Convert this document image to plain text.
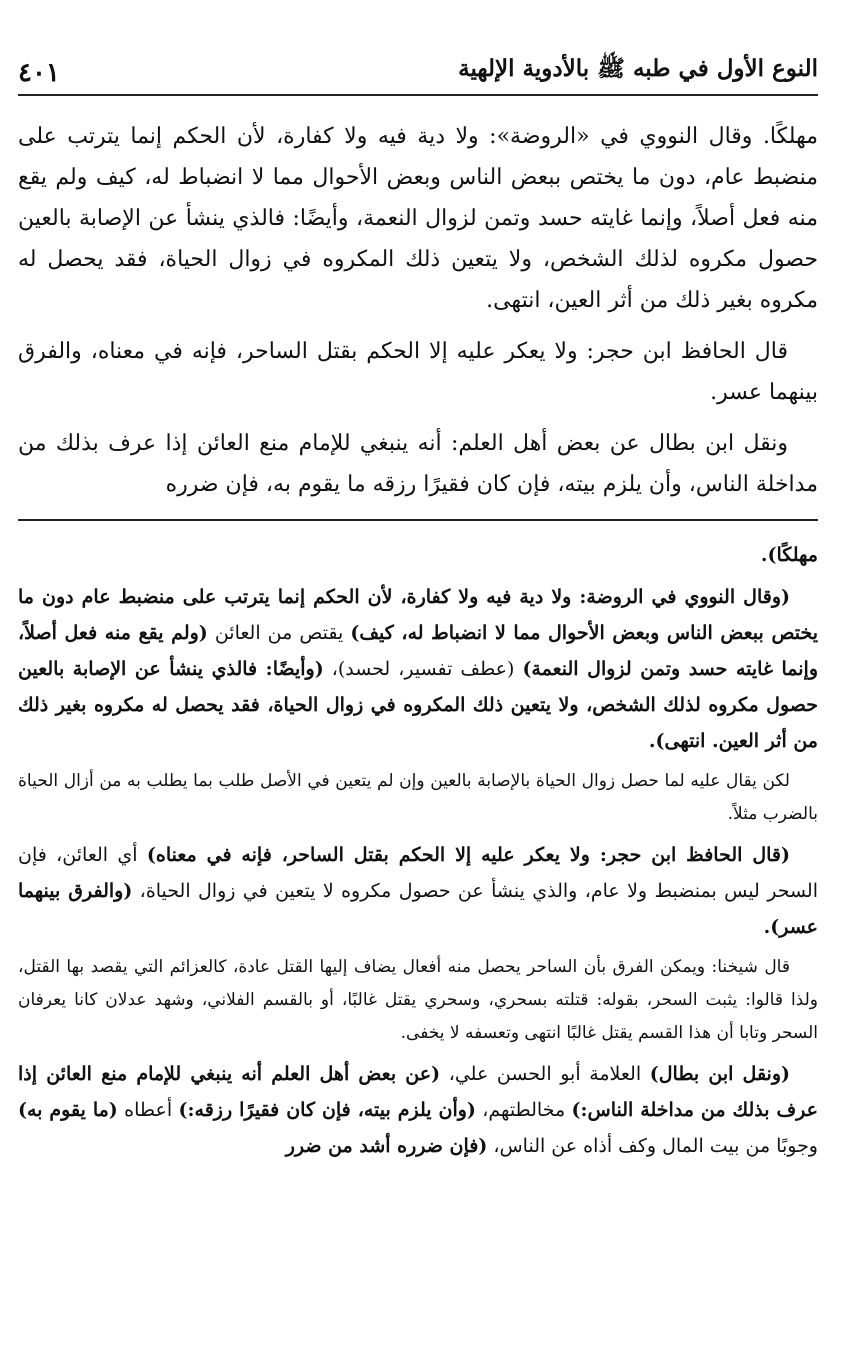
النوع الأول في طبه ﷺ بالأدوية الإلهية
٤٠١

مهلكًا. وقال النووي في «الروضة»: ولا دية فيه ولا كفارة، لأن الحكم إنما يترتب على منضبط عام، دون ما يختص ببعض الناس وبعض الأحوال مما لا انضباط له، كيف ولم يقع منه فعل أصلاً، وإنما غايته حسد وتمن لزوال النعمة، وأيضًا: فالذي ينشأ عن الإصابة بالعين حصول مكروه لذلك الشخص، ولا يتعين ذلك المكروه في زوال الحياة، فقد يحصل له مكروه بغير ذلك من أثر العين، انتهى.

قال الحافظ ابن حجر: ولا يعكر عليه إلا الحكم بقتل الساحر، فإنه في معناه، والفرق بينهما عسر.

ونقل ابن بطال عن بعض أهل العلم: أنه ينبغي للإمام منع العائن إذا عرف بذلك من مداخلة الناس، وأن يلزم بيته، فإن كان فقيرًا رزقه ما يقوم به، فإن ضرره

مهلكًا).

(وقال النووي في الروضة: ولا دية فيه ولا كفارة، لأن الحكم إنما يترتب على منضبط عام دون ما يختص ببعض الناس وبعض الأحوال مما لا انضباط له، كيف) يقتص من العائن (ولم يقع منه فعل أصلاً، وإنما غايته حسد وتمن لزوال النعمة) (عطف تفسير، لحسد)، (وأيضًا: فالذي ينشأ عن الإصابة بالعين حصول مكروه لذلك الشخص، ولا يتعين ذلك المكروه في زوال الحياة، فقد يحصل له مكروه بغير ذلك من أثر العين. انتهى).

لكن يقال عليه لما حصل زوال الحياة بالإصابة بالعين وإن لم يتعين في الأصل طلب بما يطلب به من أزال الحياة بالضرب مثلاً.

(قال الحافظ ابن حجر: ولا يعكر عليه إلا الحكم بقتل الساحر، فإنه في معناه) أي العائن، فإن السحر ليس بمنضبط ولا عام، والذي ينشأ عن حصول مكروه لا يتعين في زوال الحياة، (والفرق بينهما عسر).

قال شيخنا: ويمكن الفرق بأن الساحر يحصل منه أفعال يضاف إليها القتل عادة، كالعزائم التي يقصد بها القتل، ولذا قالوا: يثبت السحر، بقوله: قتلته بسحري، وسحري يقتل غالبًا، أو بالقسم الفلاني، وشهد عدلان كانا يعرفان السحر وتابا أن هذا القسم يقتل غالبًا انتهى وتعسفه لا يخفى.

(ونقل ابن بطال) العلامة أبو الحسن علي، (عن بعض أهل العلم أنه ينبغي للإمام منع العائن إذا عرف بذلك من مداخلة الناس:) مخالطتهم، (وأن يلزم بيته، فإن كان فقيرًا رزقه:) أعطاه (ما يقوم به) وجوبًا من بيت المال وكف أذاه عن الناس، (فإن ضرره أشد من ضرر
